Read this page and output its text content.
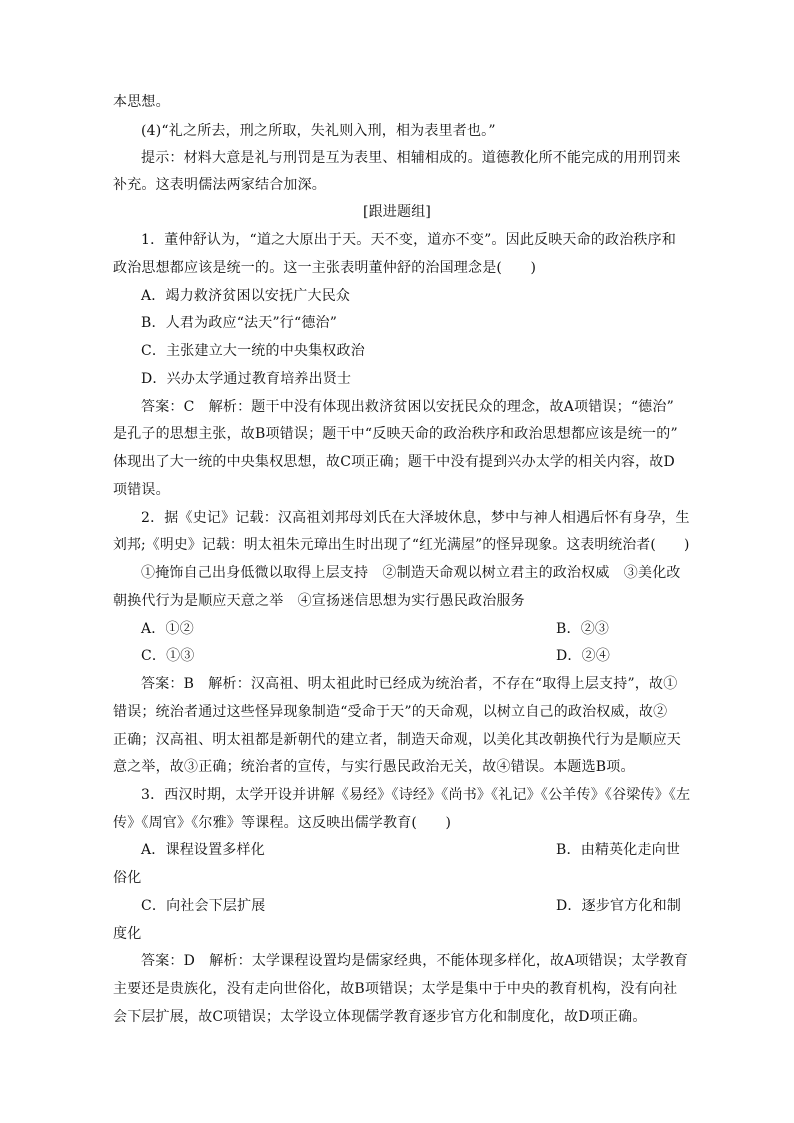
本思想。
(4)“礼之所去，刑之所取，失礼则入刑，相为表里者也。”
提示：材料大意是礼与刑罚是互为表里、相辅相成的。道德教化所不能完成的用刑罚来
补充。这表明儒法两家结合加深。
[跟进题组]
1．董仲舒认为，“道之大原出于天。天不变，道亦不变”。因此反映天命的政治秩序和
政治思想都应该是统一的。这一主张表明董仲舒的治国理念是(　　)
A．竭力救济贫困以安抚广大民众
B．人君为政应“法天”行“德治”
C．主张建立大一统的中央集权政治
D．兴办太学通过教育培养出贤士
答案：C　解析：题干中没有体现出救济贫困以安抚民众的理念，故A项错误；“德治”
是孔子的思想主张，故B项错误；题干中“反映天命的政治秩序和政治思想都应该是统一的”
体现出了大一统的中央集权思想，故C项正确；题干中没有提到兴办太学的相关内容，故D
项错误。
2．据《史记》记载：汉高祖刘邦母刘氏在大泽坡休息，梦中与神人相遇后怀有身孕，生
刘邦;《明史》记载：明太祖朱元璋出生时出现了“红光满屋”的怪异现象。这表明统治者(　　)
①掩饰自己出身低微以取得上层支持　②制造天命观以树立君主的政治权威　③美化改
朝换代行为是顺应天意之举　④宣扬迷信思想为实行愚民政治服务
A．①②	B．②③
C．①③	D．②④
答案：B　解析：汉高祖、明太祖此时已经成为统治者，不存在“取得上层支持”，故①
错误；统治者通过这些怪异现象制造“受命于天”的天命观，以树立自己的政治权威，故②
正确；汉高祖、明太祖都是新朝代的建立者，制造天命观，以美化其改朝换代行为是顺应天
意之举，故③正确；统治者的宣传，与实行愚民政治无关，故④错误。本题选B项。
3．西汉时期，太学开设并讲解《易经》《诗经》《尚书》《礼记》《公羊传》《谷梁传》《左
传》《周官》《尔雅》等课程。这反映出儒学教育(　　)
A．课程设置多样化	B．由精英化走向世
俗化
C．向社会下层扩展	D．逐步官方化和制
度化
答案：D　解析：太学课程设置均是儒家经典，不能体现多样化，故A项错误；太学教育
主要还是贵族化，没有走向世俗化，故B项错误；太学是集中于中央的教育机构，没有向社
会下层扩展，故C项错误；太学设立体现儒学教育逐步官方化和制度化，故D项正确。
